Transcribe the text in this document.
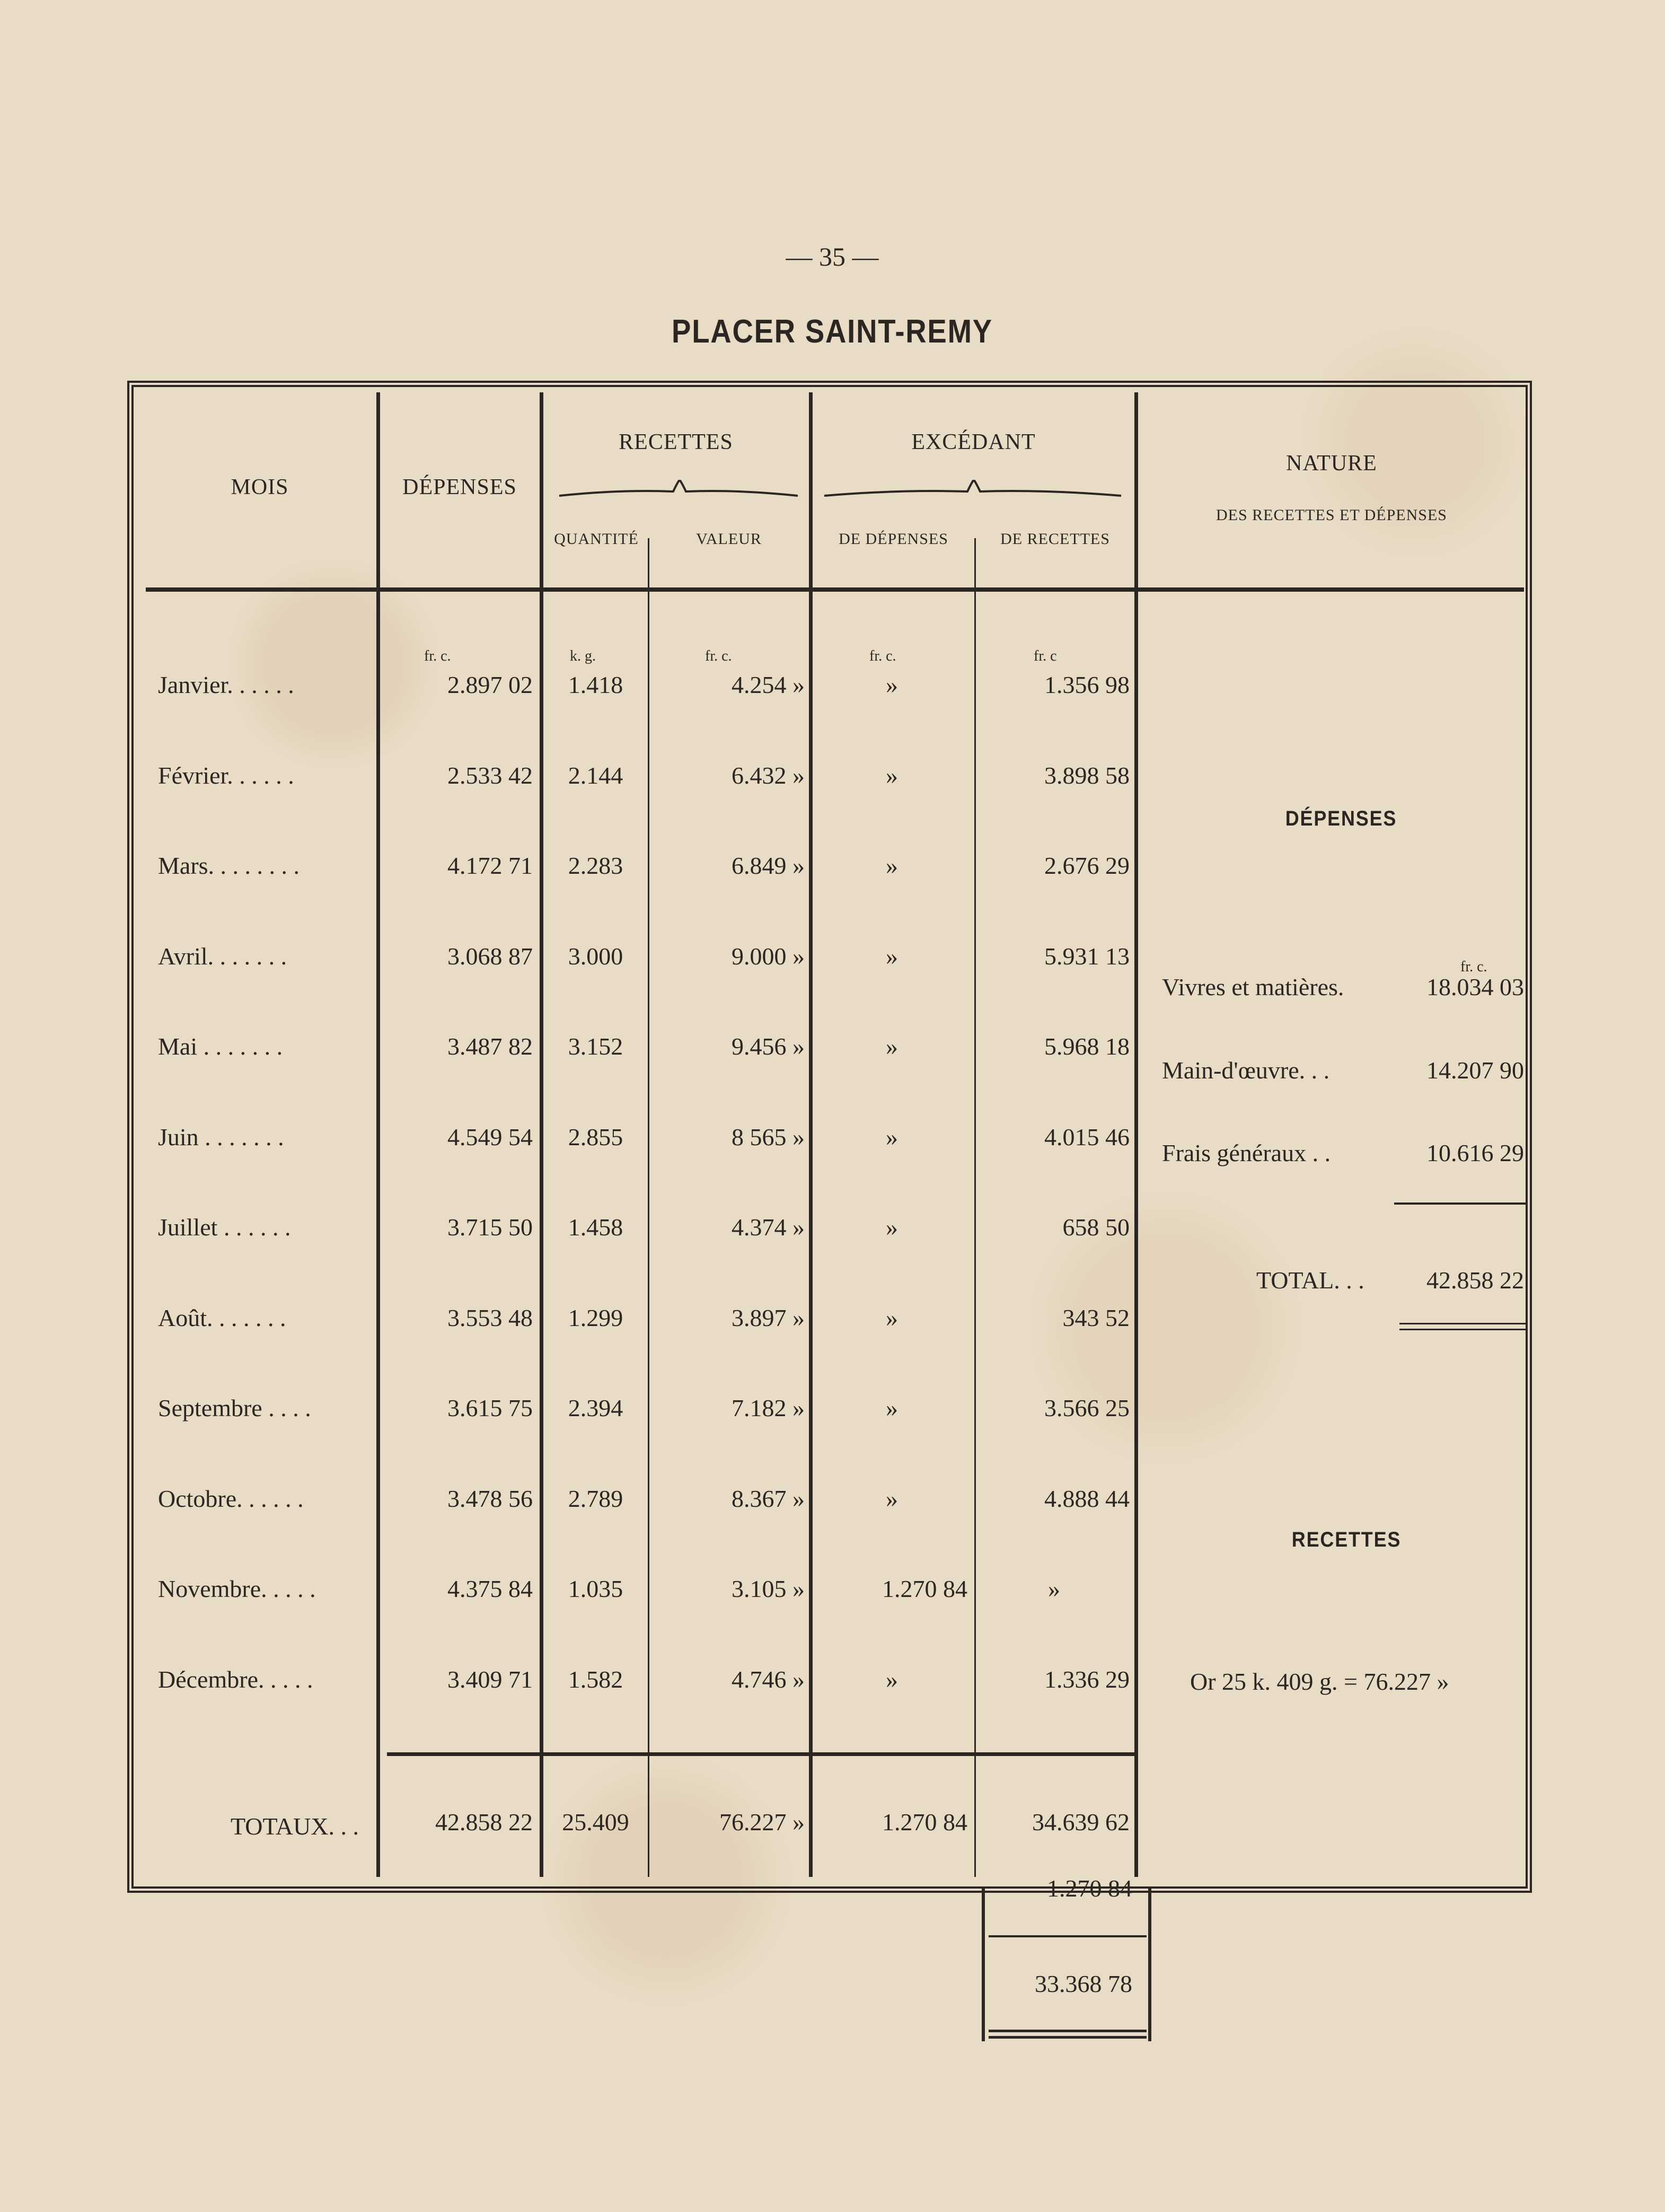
— 35 —
PLACER SAINT-REMY
MOIS	DÉPENSES
RECETTES
QUANTITÉ	VALEUR
EXCÉDANT
DE DÉPENSES	DE RECETTES
NATURE
DES RECETTES ET DÉPENSES
fr. c.	k. g.	fr. c.	fr. c.	fr. c
Janvier. . . . . .	2.897 02	1.418	4.254 »	»	1.356 98
Février. . . . . .	2.533 42	2.144	6.432 »	»	3.898 58
Mars. . . . . . . .	4.172 71	2.283	6.849 »	»	2.676 29
Avril. . . . . . .	3.068 87	3.000	9.000 »	»	5.931 13
Mai . . . . . . .	3.487 82	3.152	9.456 »	»	5.968 18
Juin . . . . . . .	4.549 54	2.855	8 565 »	»	4.015 46
Juillet . . . . . .	3.715 50	1.458	4.374 »	»	658 50
Août. . . . . . .	3.553 48	1.299	3.897 »	»	343 52
Septembre . . . .	3.615 75	2.394	7.182 »	»	3.566 25
Octobre. . . . . .	3.478 56	2.789	8.367 »	»	4.888 44
Novembre. . . . .	4.375 84	1.035	3.105 »	1.270 84	»
Décembre. . . . .	3.409 71	1.582	4.746 »	»	1.336 29
TOTAUX. . .	42.858 22	25.409	76.227 »	1.270 84	34.639 62
1.270 84
33.368 78
DÉPENSES
fr. c.
Vivres et matières.	18.034 03
Main-d'œuvre. . .	14.207 90
Frais généraux . .	10.616 29
TOTAL. . .	42.858 22
RECETTES
Or 25 k. 409 g. = 76.227 »
